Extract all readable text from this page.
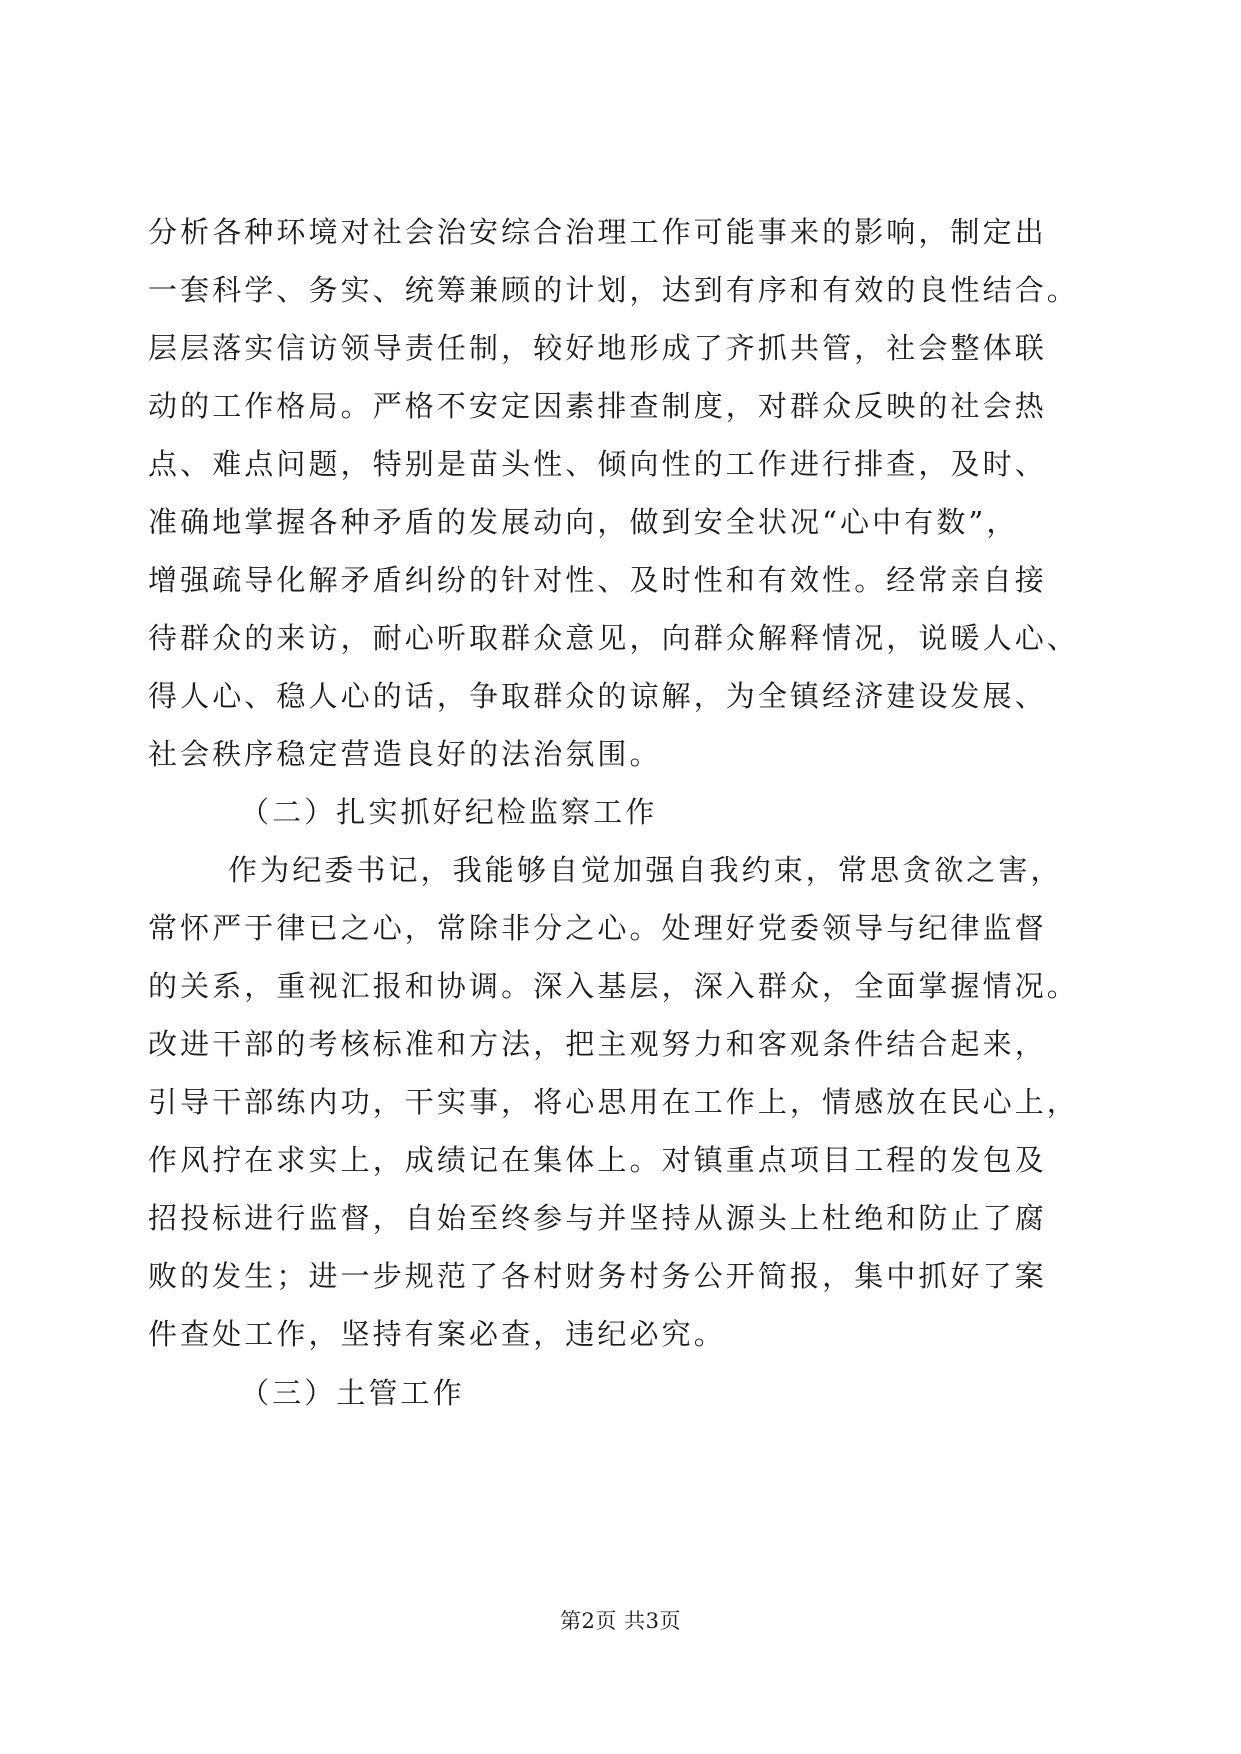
分析各种环境对社会治安综合治理工作可能事来的影响，制定出
一套科学、务实、统筹兼顾的计划，达到有序和有效的良性结合。
层层落实信访领导责任制，较好地形成了齐抓共管，社会整体联
动的工作格局。严格不安定因素排查制度，对群众反映的社会热
点、难点问题，特别是苗头性、倾向性的工作进行排查，及时、
准确地掌握各种矛盾的发展动向，做到安全状况“心中有数”，
增强疏导化解矛盾纠纷的针对性、及时性和有效性。经常亲自接
待群众的来访，耐心听取群众意见，向群众解释情况，说暖人心、
得人心、稳人心的话，争取群众的谅解，为全镇经济建设发展、
社会秩序稳定营造良好的法治氛围。
（二）扎实抓好纪检监察工作
作为纪委书记，我能够自觉加强自我约束，常思贪欲之害，
常怀严于律已之心，常除非分之心。处理好党委领导与纪律监督
的关系，重视汇报和协调。深入基层，深入群众，全面掌握情况。
改进干部的考核标准和方法，把主观努力和客观条件结合起来，
引导干部练内功，干实事，将心思用在工作上，情感放在民心上，
作风拧在求实上，成绩记在集体上。对镇重点项目工程的发包及
招投标进行监督，自始至终参与并坚持从源头上杜绝和防止了腐
败的发生；进一步规范了各村财务村务公开简报，集中抓好了案
件查处工作，坚持有案必查，违纪必究。
（三）土管工作
第2页 共3页
